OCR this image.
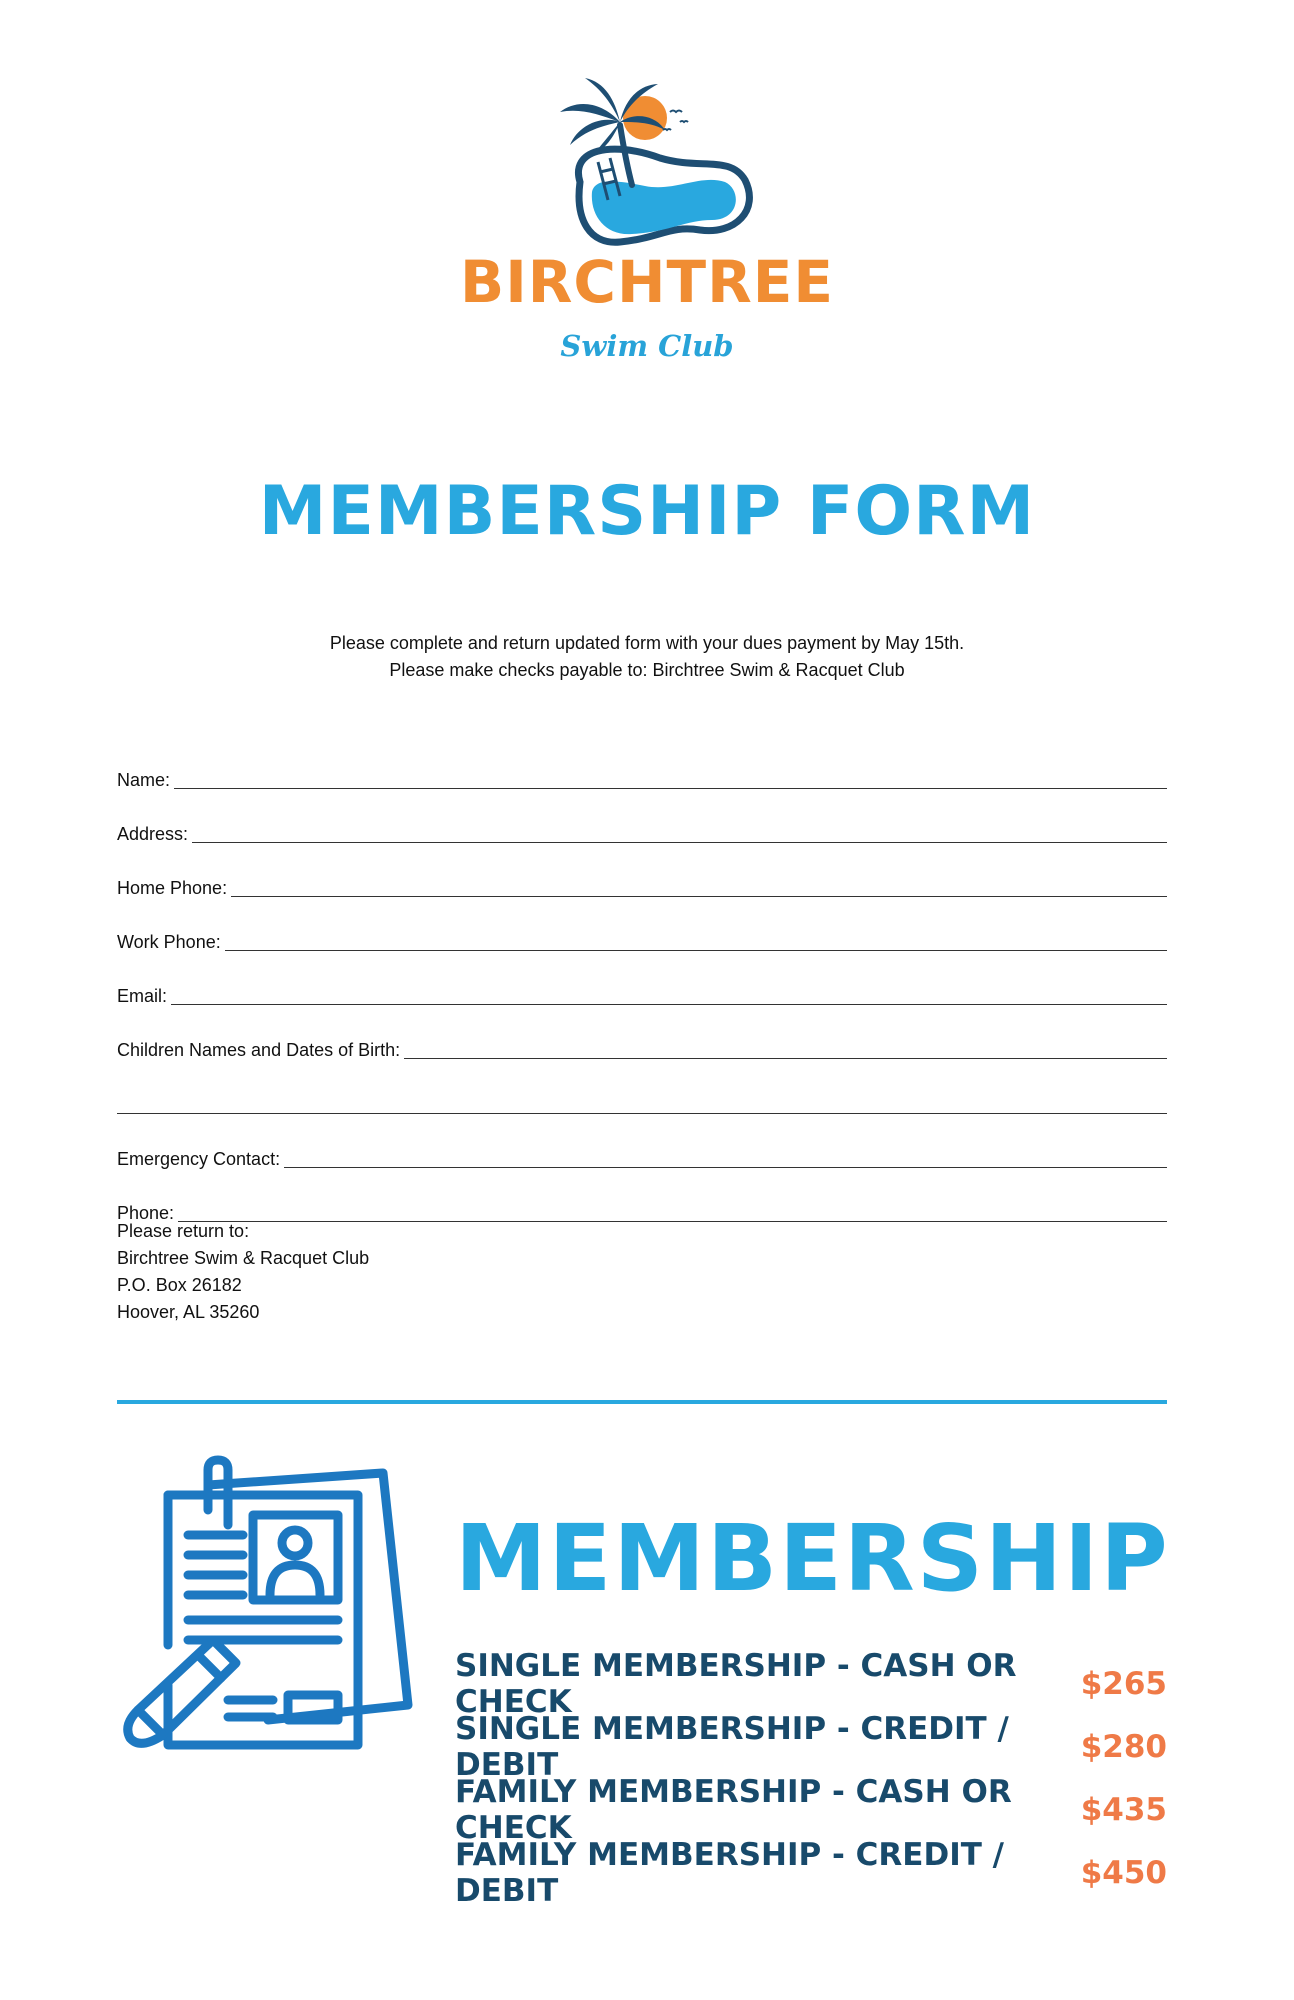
BIRCHTREE
Swim Club
MEMBERSHIP FORM
Please complete and return updated form with your dues payment by May 15th.
Please make checks payable to: Birchtree Swim & Racquet Club
Name:
Address:
Home Phone:
Work Phone:
Email:
Children Names and Dates of Birth:
Emergency Contact:
Phone:
Please return to:
Birchtree Swim & Racquet Club
P.O. Box 26182
Hoover, AL 35260
MEMBERSHIP
SINGLE MEMBERSHIP - CASH OR CHECK	$265
SINGLE MEMBERSHIP - CREDIT / DEBIT	$280
FAMILY MEMBERSHIP - CASH OR CHECK	$435
FAMILY MEMBERSHIP - CREDIT / DEBIT	$450
